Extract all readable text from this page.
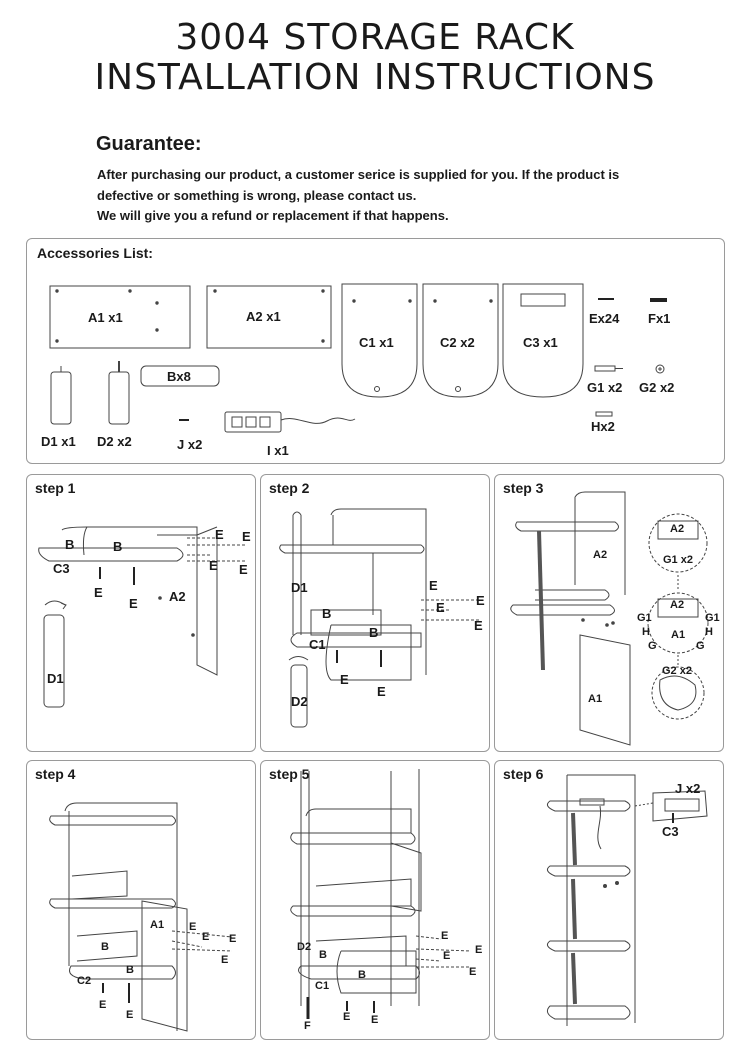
3004 STORAGE RACK
INSTALLATION INSTRUCTIONS
Guarantee:
After purchasing our product, a customer serice is supplied for you. If the product is
defective or something is wrong, please contact us.
We will give you a refund or replacement if that happens.
Accessories List:
A1 x1	A2 x1
C1 x1	C2 x2	C3 x1
Ex24 Fx1
G1 x2 G2 x2
Hx2
D1 x1 D2 x2
Bx8
J x2	I x1
step 1
B	B
C3
E E
E E
E
E A2
D1
step 2
D1
B
B
C1
E
E
E
E
E
E
D2
step 3
A2
A2
G1 x2
A2
G1	G1
H	H
A1
G	G
G2 x2
A1
step 4
A1
B
B
C2
E
E E
E
E
E
step 5
D2
B
B
C1
E
E
E
E
E E
F
step 6
J x2
C3
